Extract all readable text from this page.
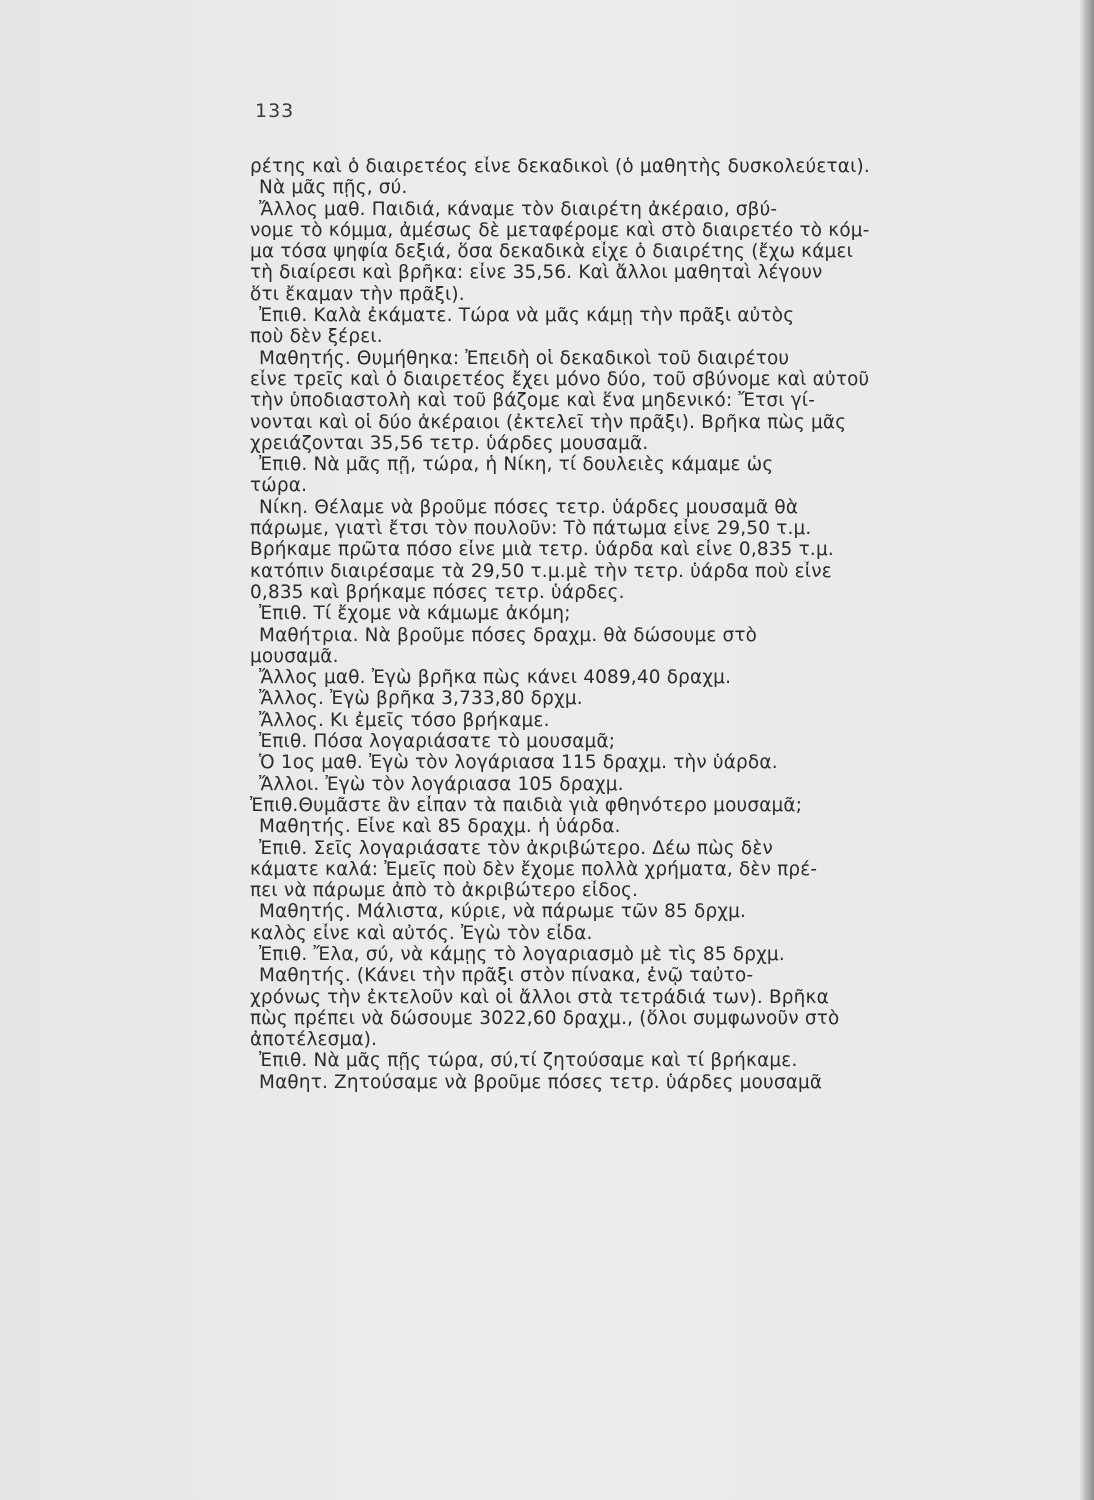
133
ρέτης καὶ ὁ διαιρετέος εἶνε δεκαδικοὶ (ὁ μαθητὴς δυσκολεύεται).
Νὰ μᾶς πῇς, σύ.
Ἄλλος μαθ. Παιδιά, κάναμε τὸν διαιρέτη ἀκέραιο, σβύ-
νομε τὸ κόμμα, ἀμέσως δὲ μεταφέρομε καὶ στὸ διαιρετέο τὸ κόμ-
μα τόσα ψηφία δεξιά, ὅσα δεκαδικὰ εἶχε ὁ διαιρέτης (ἔχω κάμει
τὴ διαίρεσι καὶ βρῆκα: εἶνε 35,56. Καὶ ἄλλοι μαθηταὶ λέγουν
ὅτι ἔκαμαν τὴν πρᾶξι).
Ἐπιθ. Καλὰ ἐκάματε. Τώρα νὰ μᾶς κάμῃ τὴν πρᾶξι αὐτὸς
ποὺ δὲν ξέρει.
Μαθητής. Θυμήθηκα: Ἐπειδὴ οἱ δεκαδικοὶ τοῦ διαιρέτου
εἶνε τρεῖς καὶ ὁ διαιρετέος ἔχει μόνο δύο, τοῦ σβύνομε καὶ αὐτοῦ
τὴν ὑποδιαστολὴ καὶ τοῦ βάζομε καὶ ἕνα μηδενικό: Ἔτσι γί-
νονται καὶ οἱ δύο ἀκέραιοι (ἐκτελεῖ τὴν πρᾶξι). Βρῆκα πὼς μᾶς
χρειάζονται 35,56 τετρ. ὑάρδες μουσαμᾶ.
Ἐπιθ. Νὰ μᾶς πῇ, τώρα, ἡ Νίκη, τί δουλειὲς κάμαμε ὡς
τώρα.
Νίκη. Θέλαμε νὰ βροῦμε πόσες τετρ. ὑάρδες μουσαμᾶ θὰ
πάρωμε, γιατὶ ἔτσι τὸν πουλοῦν: Τὸ πάτωμα εἶνε 29,50 τ.μ.
Βρήκαμε πρῶτα πόσο εἶνε μιὰ τετρ. ὑάρδα καὶ εἶνε 0,835 τ.μ.
κατόπιν διαιρέσαμε τὰ 29,50 τ.μ.μὲ τὴν τετρ. ὑάρδα ποὺ εἶνε
0,835 καὶ βρήκαμε πόσες τετρ. ὑάρδες.
Ἐπιθ. Τί ἔχομε νὰ κάμωμε ἀκόμη;
Μαθήτρια. Νὰ βροῦμε πόσες δραχμ. θὰ δώσουμε στὸ
μουσαμᾶ.
Ἄλλος μαθ. Ἐγὼ βρῆκα πὼς κάνει 4089,40 δραχμ.
Ἄλλος. Ἐγὼ βρῆκα 3,733,80 δρχμ.
Ἄλλος. Κι ἐμεῖς τόσο βρήκαμε.
Ἐπιθ. Πόσα λογαριάσατε τὸ μουσαμᾶ;
Ὁ 1ος μαθ. Ἐγὼ τὸν λογάριασα 115 δραχμ. τὴν ὑάρδα.
Ἄλλοι. Ἐγὼ τὸν λογάριασα 105 δραχμ.
Ἐπιθ.Θυμᾶστε ἂν εἶπαν τὰ παιδιὰ γιὰ φθηνότερο μουσαμᾶ;
Μαθητής. Εἶνε καὶ 85 δραχμ. ἡ ὑάρδα.
Ἐπιθ. Σεῖς λογαριάσατε τὸν ἀκριβώτερο. Δέω πὼς δὲν
κάματε καλά: Ἐμεῖς ποὺ δὲν ἔχομε πολλὰ χρήματα, δὲν πρέ-
πει νὰ πάρωμε ἀπὸ τὸ ἀκριβώτερο εἶδος.
Μαθητής. Μάλιστα, κύριε, νὰ πάρωμε τῶν 85 δρχμ.
καλὸς εἶνε καὶ αὐτός. Ἐγὼ τὸν εἶδα.
Ἐπιθ. Ἔλα, σύ, νὰ κάμῃς τὸ λογαριασμὸ μὲ τὶς 85 δρχμ.
Μαθητής. (Κάνει τὴν πρᾶξι στὸν πίνακα, ἐνῷ ταὐτο-
χρόνως τὴν ἐκτελοῦν καὶ οἱ ἄλλοι στὰ τετράδιά των). Βρῆκα
πὼς πρέπει νὰ δώσουμε 3022,60 δραχμ., (ὅλοι συμφωνοῦν στὸ
ἀποτέλεσμα).
Ἐπιθ. Νὰ μᾶς πῇς τώρα, σύ,τί ζητούσαμε καὶ τί βρήκαμε.
Μαθητ. Ζητούσαμε νὰ βροῦμε πόσες τετρ. ὑάρδες μουσαμᾶ
